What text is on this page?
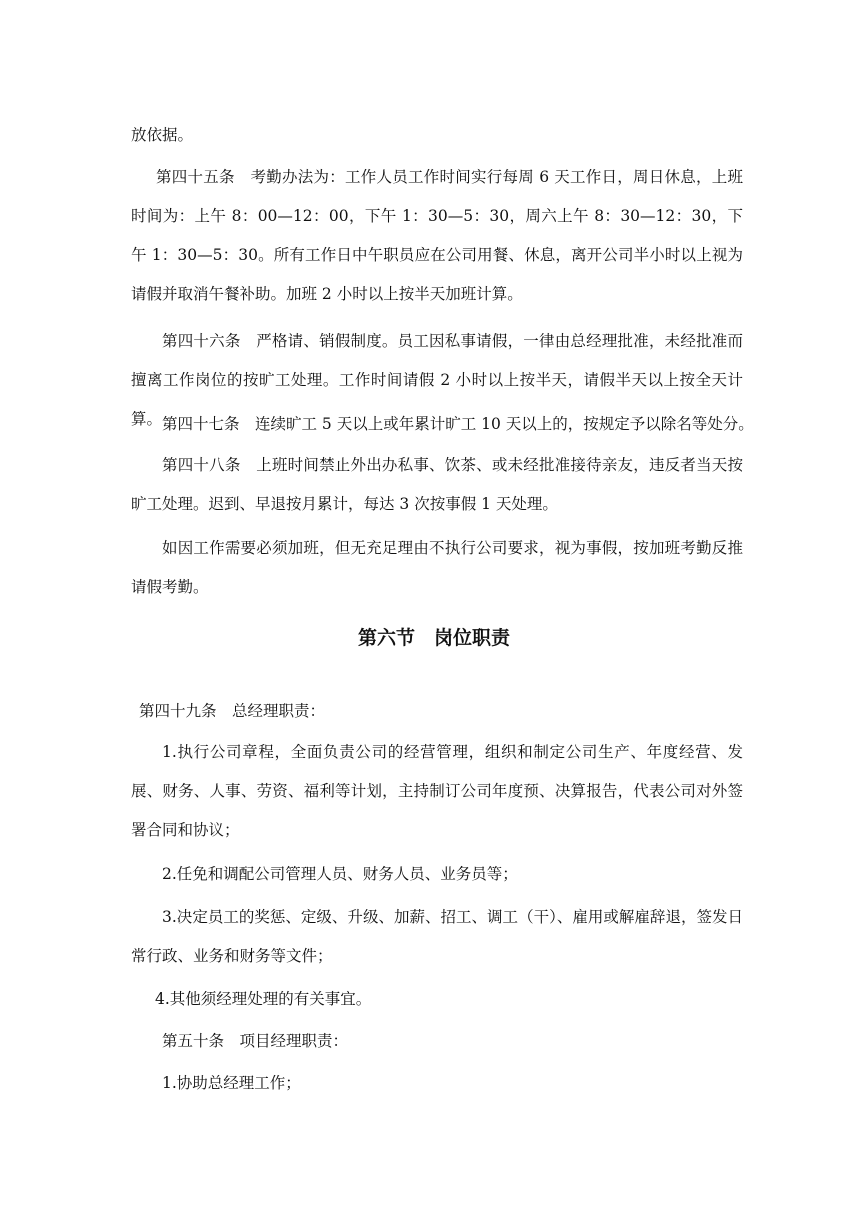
放依据。

第四十五条　考勤办法为：工作人员工作时间实行每周 6 天工作日，周日休息，上班时间为：上午 8：00—12：00，下午 1：30—5：30，周六上午 8：30—12：30，下午 1：30—5：30。所有工作日中午职员应在公司用餐、休息，离开公司半小时以上视为请假并取消午餐补助。加班 2 小时以上按半天加班计算。

第四十六条　严格请、销假制度。员工因私事请假，一律由总经理批准，未经批准而擅离工作岗位的按旷工处理。工作时间请假 2 小时以上按半天，请假半天以上按全天计算。 第四十七条　连续旷工 5 天以上或年累计旷工 10 天以上的，按规定予以除名等处分。

第四十八条　上班时间禁止外出办私事、饮茶、或未经批准接待亲友，违反者当天按旷工处理。迟到、早退按月累计，每达 3 次按事假 1 天处理。

如因工作需要必须加班，但无充足理由不执行公司要求，视为事假，按加班考勤反推请假考勤。

第六节　岗位职责

第四十九条　总经理职责：

1.执行公司章程，全面负责公司的经营管理，组织和制定公司生产、年度经营、发展、财务、人事、劳资、福利等计划，主持制订公司年度预、决算报告，代表公司对外签署合同和协议；

2.任免和调配公司管理人员、财务人员、业务员等；

3.决定员工的奖惩、定级、升级、加薪、招工、调工（干）、雇用或解雇辞退，签发日常行政、业务和财务等文件；

4.其他须经理处理的有关事宜。

第五十条　项目经理职责：

1.协助总经理工作；
